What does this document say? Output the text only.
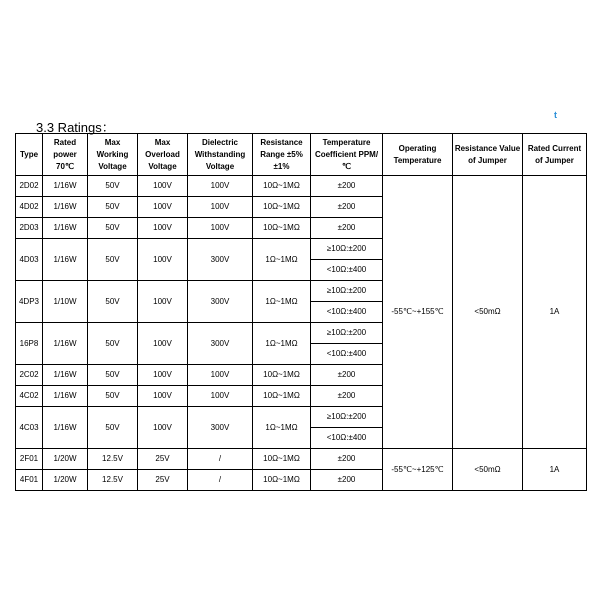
3.3 Ratings：
t
Type	Rated power 70℃	Max Working Voltage	Max Overload Voltage	Dielectric Withstanding Voltage	Resistance Range ±5%±1%	Temperature Coefficient PPM/℃	Operating Temperature	Resistance Value of Jumper	Rated Current of Jumper
2D02	1/16W	50V	100V	100V	10Ω~1MΩ	±200	-55℃~+155℃	<50mΩ	1A
4D02	1/16W	50V	100V	100V	10Ω~1MΩ	±200			

2D03	1/16W	50V	100V	100V	10Ω~1MΩ	±200			

4D03	1/16W	50V	100V	300V	1Ω~1MΩ	≥10Ω:±200
<10Ω:±400			

4DP3	1/10W	50V	100V	300V	1Ω~1MΩ	≥10Ω:±200
<10Ω:±400			

16P8	1/16W	50V	100V	300V	1Ω~1MΩ	≥10Ω:±200
<10Ω:±400			

2C02	1/16W	50V	100V	100V	10Ω~1MΩ	±200			

4C02	1/16W	50V	100V	100V	10Ω~1MΩ	±200			

4C03	1/16W	50V	100V	300V	1Ω~1MΩ	≥10Ω:±200
<10Ω:±400			

2F01	1/20W	12.5V	25V	/	10Ω~1MΩ	±200	-55℃~+125℃	<50mΩ	1A
4F01	1/20W	12.5V	25V	/	10Ω~1MΩ	±200			
